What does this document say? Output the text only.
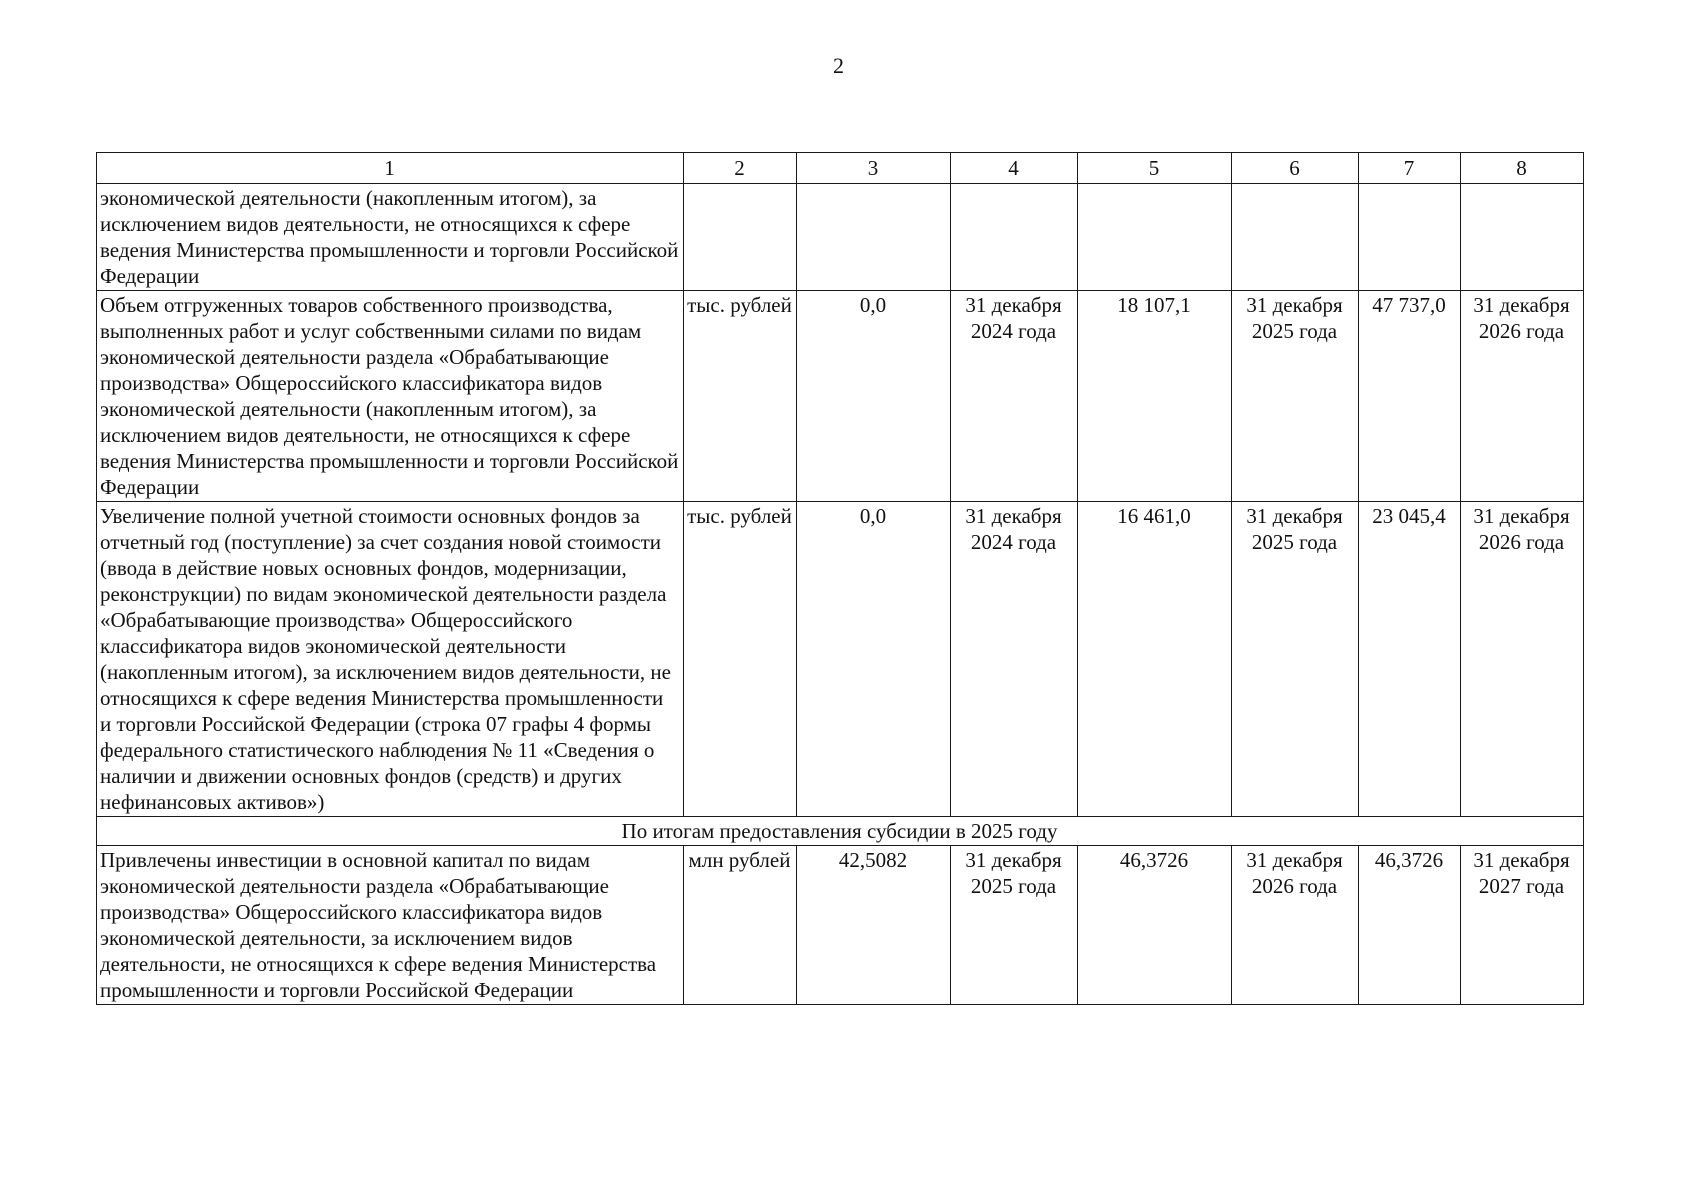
2
1	2	3	4	5	6	7	8
экономической деятельности (накопленным итогом), за исключением видов деятельности, не относящихся к сфере ведения Министерства промышленности и торговли Российской Федерации							
Объем отгруженных товаров собственного производства, выполненных работ и услуг собственными силами по видам экономической деятельности раздела «Обрабатывающие производства» Общероссийского классификатора видов экономической деятельности (накопленным итогом), за исключением видов деятельности, не относящихся к сфере ведения Министерства промышленности и торговли Российской Федерации	тыс. рублей	0,0	31 декабря 2024 года	18 107,1	31 декабря 2025 года	47 737,0	31 декабря 2026 года
Увеличение полной учетной стоимости основных фондов за отчетный год (поступление) за счет создания новой стоимости (ввода в действие новых основных фондов, модернизации, реконструкции) по видам экономической деятельности раздела «Обрабатывающие производства» Общероссийского классификатора видов экономической деятельности (накопленным итогом), за исключением видов деятельности, не относящихся к сфере ведения Министерства промышленности и торговли Российской Федерации (строка 07 графы 4 формы федерального статистического наблюдения № 11 «Сведения о наличии и движении основных фондов (средств) и других нефинансовых активов»)	тыс. рублей	0,0	31 декабря 2024 года	16 461,0	31 декабря 2025 года	23 045,4	31 декабря 2026 года
По итогам предоставления субсидии в 2025 году							
Привлечены инвестиции в основной капитал по видам экономической деятельности раздела «Обрабатывающие производства» Общероссийского классификатора видов экономической деятельности, за исключением видов деятельности, не относящихся к сфере ведения Министерства промышленности и торговли Российской Федерации	млн рублей	42,5082	31 декабря 2025 года	46,3726	31 декабря 2026 года	46,3726	31 декабря 2027 года
